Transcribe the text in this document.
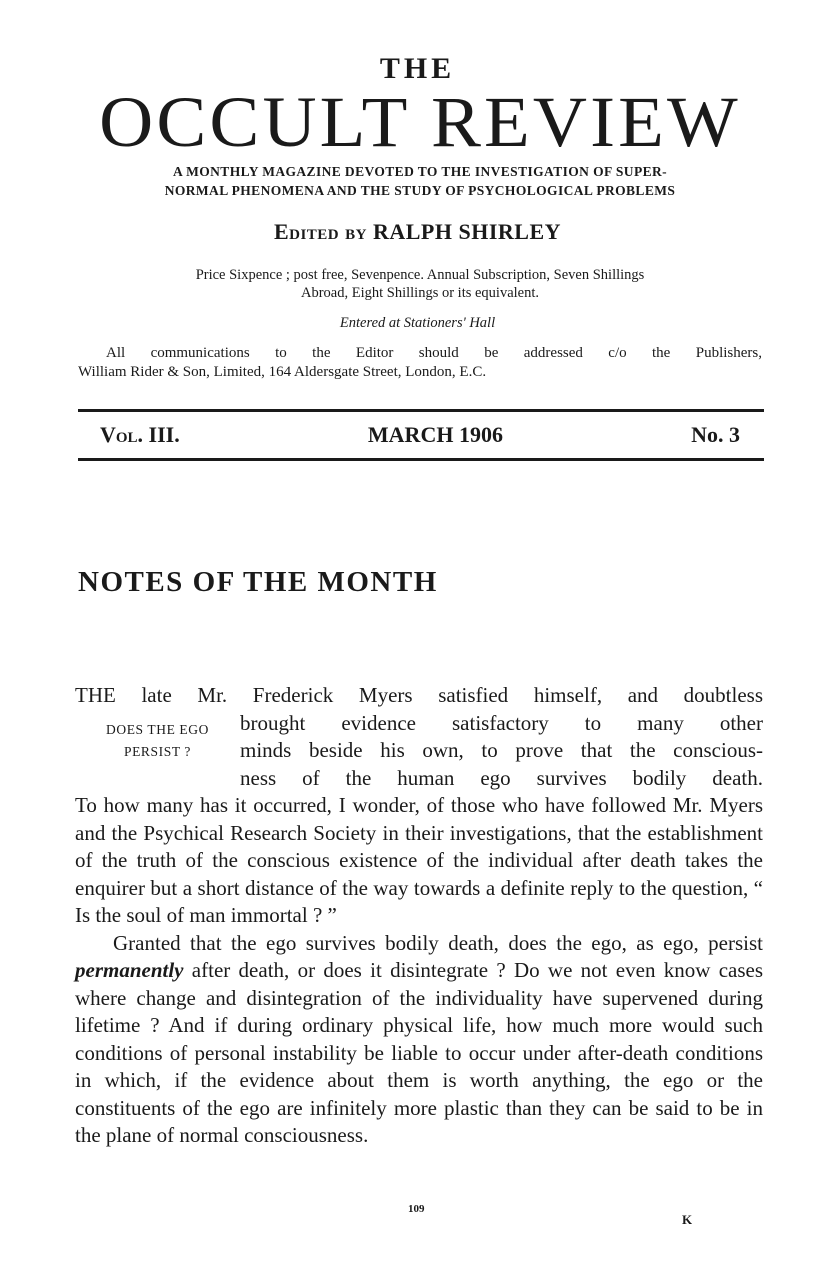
THE
OCCULT REVIEW
A MONTHLY MAGAZINE DEVOTED TO THE INVESTIGATION OF SUPER-
NORMAL PHENOMENA AND THE STUDY OF PSYCHOLOGICAL PROBLEMS
Edited by RALPH SHIRLEY
Price Sixpence ; post free, Sevenpence. Annual Subscription, Seven Shillings
Abroad, Eight Shillings or its equivalent.
Entered at Stationers' Hall
All communications to the Editor should be addressed c/o the Publishers,
William Rider & Son, Limited, 164 Aldersgate Street, London, E.C.
Vol. III.	MARCH 1906	No. 3
NOTES OF THE MONTH
THE late Mr. Frederick Myers satisfied himself, and doubtless
DOES THE EGO
PERSIST ?
brought evidence satisfactory to many other
minds beside his own, to prove that the conscious-
ness of the human ego survives bodily death.

To how many has it occurred, I wonder, of those who have followed Mr. Myers and the Psychical Research Society in their investigations, that the establishment of the truth of the conscious existence of the individual after death takes the enquirer but a short distance of the way towards a definite reply to the question, “ Is the soul of man immortal ? ”

Granted that the ego survives bodily death, does the ego, as ego, persist permanently after death, or does it disintegrate ? Do we not even know cases where change and disintegration of the individuality have supervened during lifetime ? And if during ordinary physical life, how much more would such conditions of personal instability be liable to occur under after-death conditions in which, if the evidence about them is worth anything, the ego or the constituents of the ego are infinitely more plastic than they can be said to be in the plane of normal consciousness.

109
K
